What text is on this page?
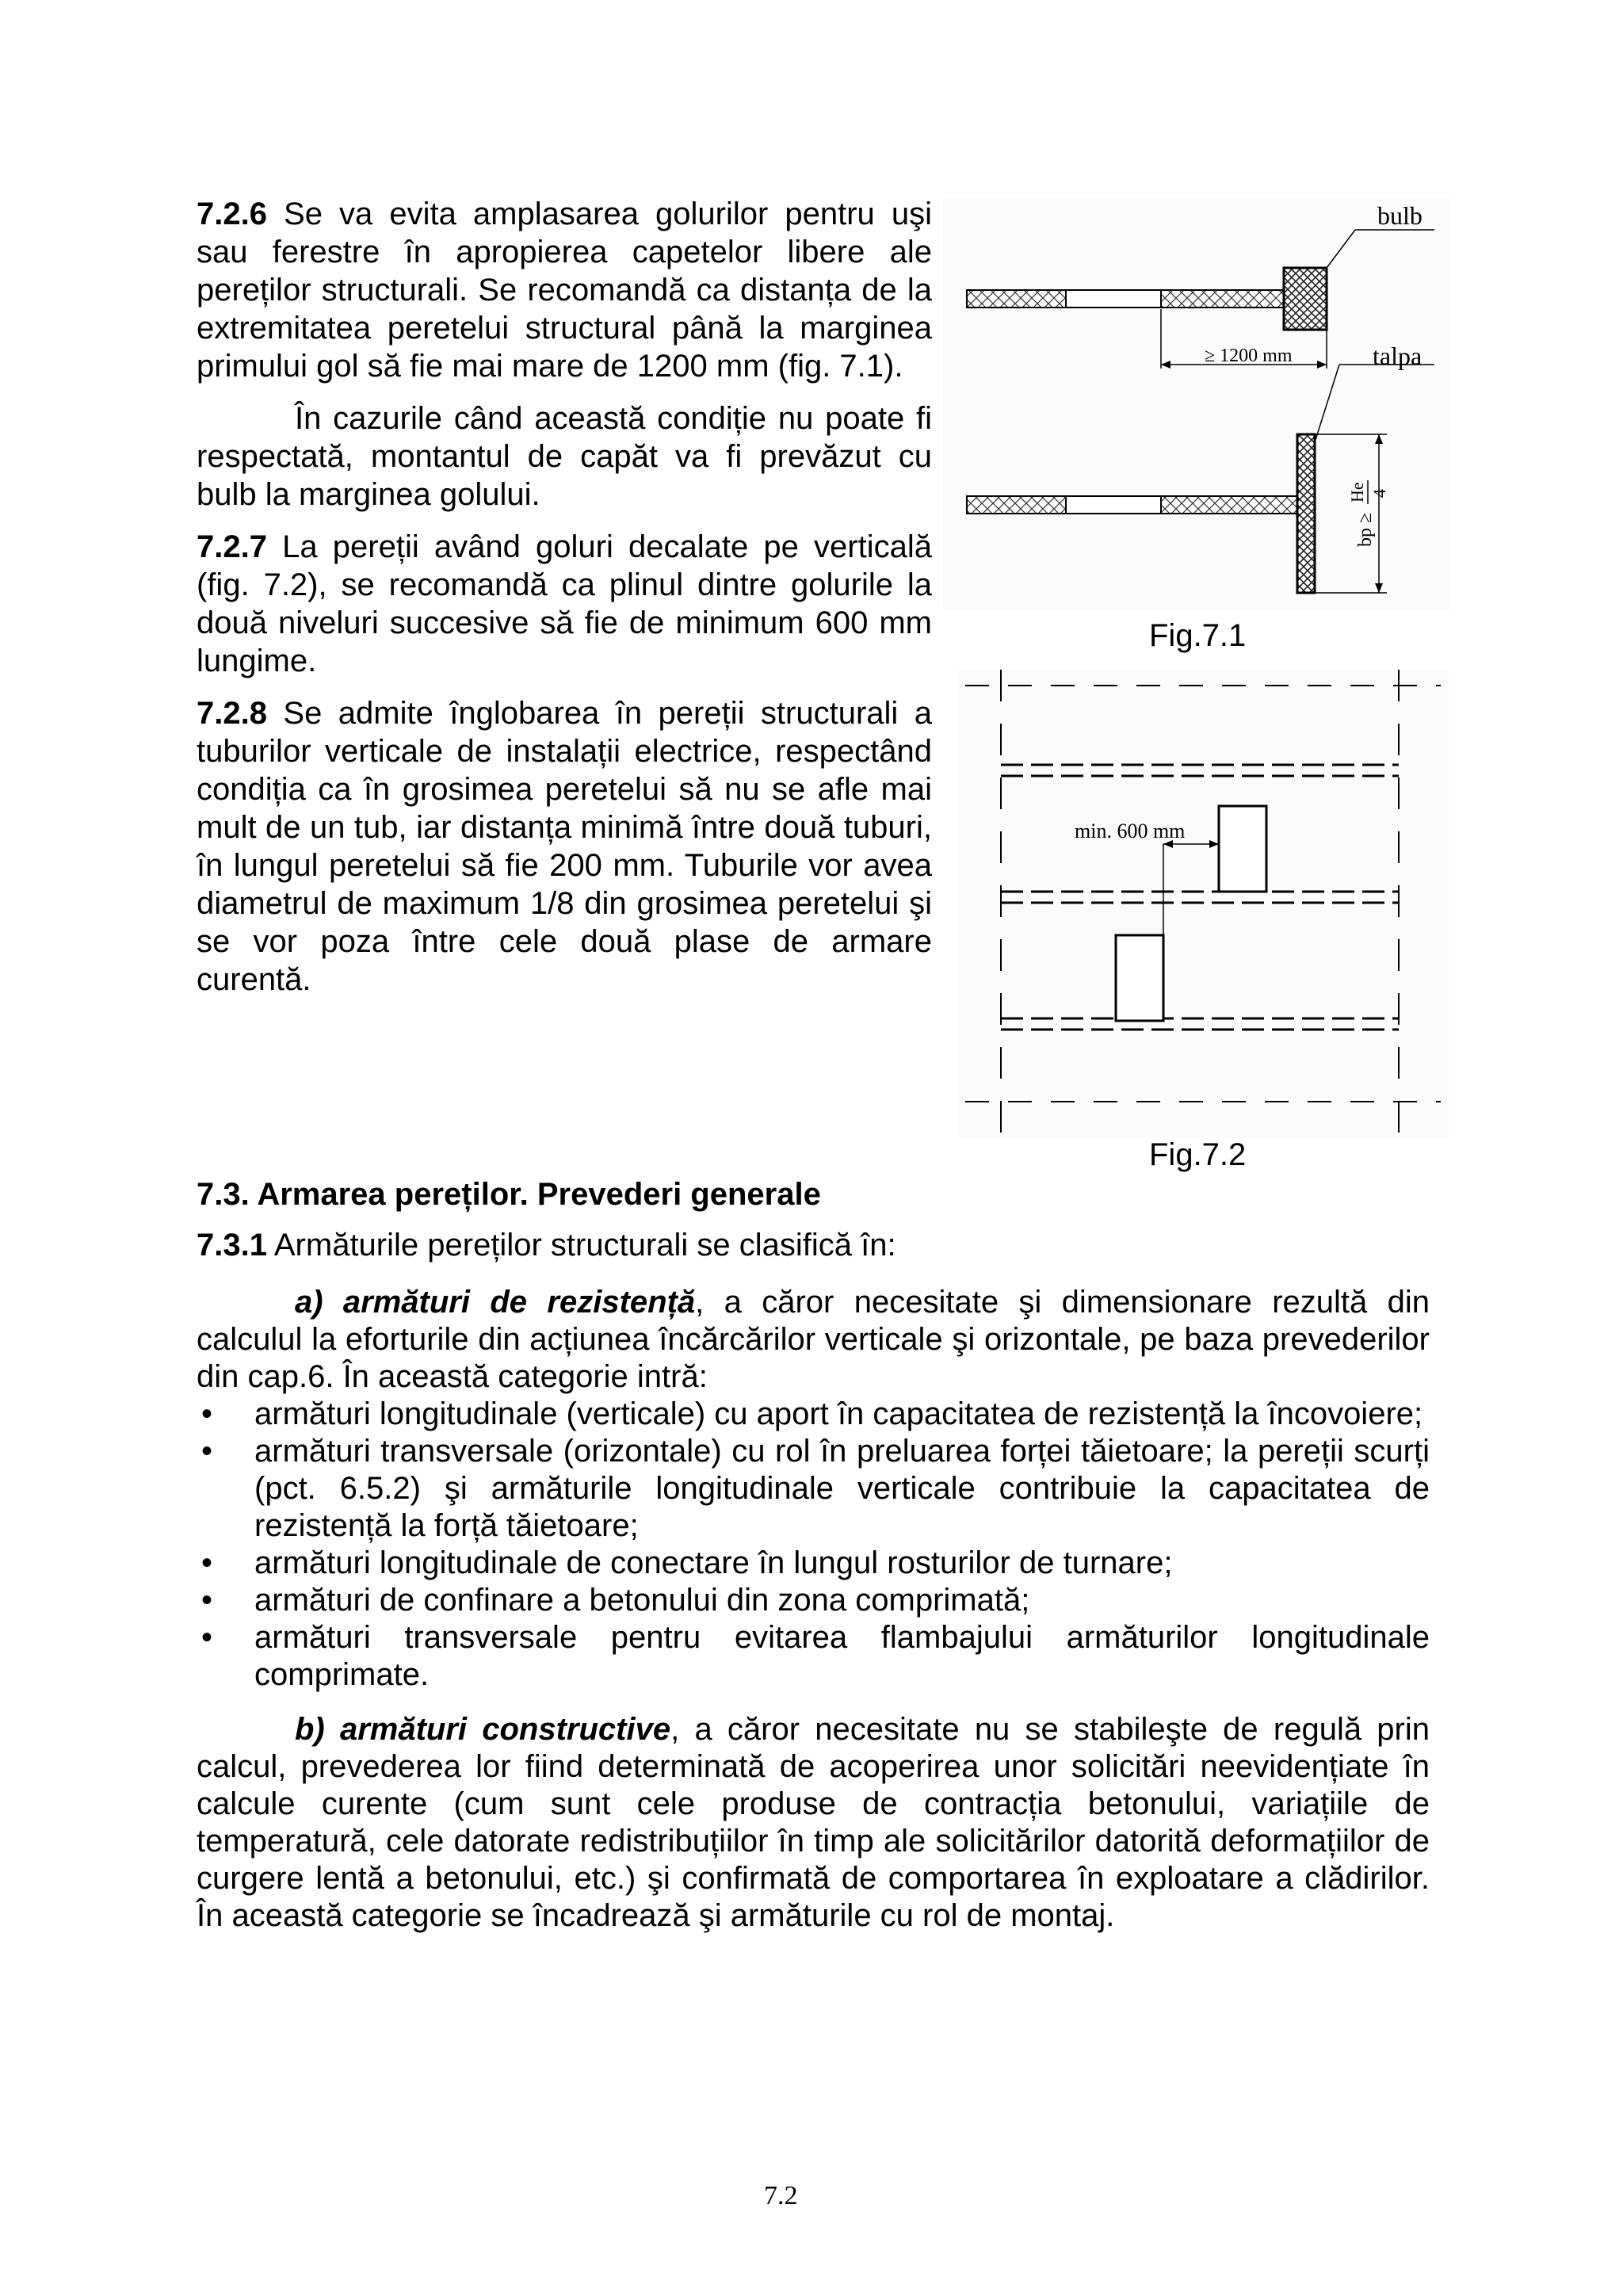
7.2.6 Se va evita amplasarea golurilor pentru uşi sau ferestre în apropierea capetelor libere ale pereților structurali. Se recomandă ca distanța de la extremitatea peretelui structural până la marginea primului gol să fie mai mare de 1200 mm (fig. 7.1).

În cazurile când această condiție nu poate fi respectată, montantul de capăt va fi prevăzut cu bulb la marginea golului.

7.2.7 La pereții având goluri decalate pe verticală (fig. 7.2), se recomandă ca plinul dintre golurile la două niveluri succesive să fie de minimum 600 mm lungime.

7.2.8 Se admite înglobarea în pereții structurali a tuburilor verticale de instalații electrice, respectând condiția ca în grosimea peretelui să nu se afle mai mult de un tub, iar distanța minimă între două tuburi, în lungul peretelui să fie 200 mm. Tuburile vor avea diametrul de maximum 1/8 din grosimea peretelui şi se vor poza între cele două plase de armare curentă.

bulb
≥ 1200 mm	talpa
bp ≥
He 4
Fig.7.1
min. 600 mm
Fig.7.2
7.3. Armarea pereților. Prevederi generale
7.3.1 Armăturile pereților structurali se clasifică în:

a) armături de rezistență, a căror necesitate şi dimensionare rezultă din calculul la eforturile din acțiunea încărcărilor verticale şi orizontale, pe baza prevederilor din cap.6. În această categorie intră:

• armături longitudinale (verticale) cu aport în capacitatea de rezistență la încovoiere;
• armături transversale (orizontale) cu rol în preluarea forței tăietoare; la pereții scurți (pct. 6.5.2) şi armăturile longitudinale verticale contribuie la capacitatea de rezistență la forță tăietoare;
• armături longitudinale de conectare în lungul rosturilor de turnare;
• armături de confinare a betonului din zona comprimată;
• armături transversale pentru evitarea flambajului armăturilor longitudinale comprimate.

b) armături constructive, a căror necesitate nu se stabileşte de regulă prin calcul, prevederea lor fiind determinată de acoperirea unor solicitări neevidențiate în calcule curente (cum sunt cele produse de contracția betonului, variațiile de temperatură, cele datorate redistribuțiilor în timp ale solicitărilor datorită deformațiilor de curgere lentă a betonului, etc.) şi confirmată de comportarea în exploatare a clădirilor. În această categorie se încadrează şi armăturile cu rol de montaj.

7.2
